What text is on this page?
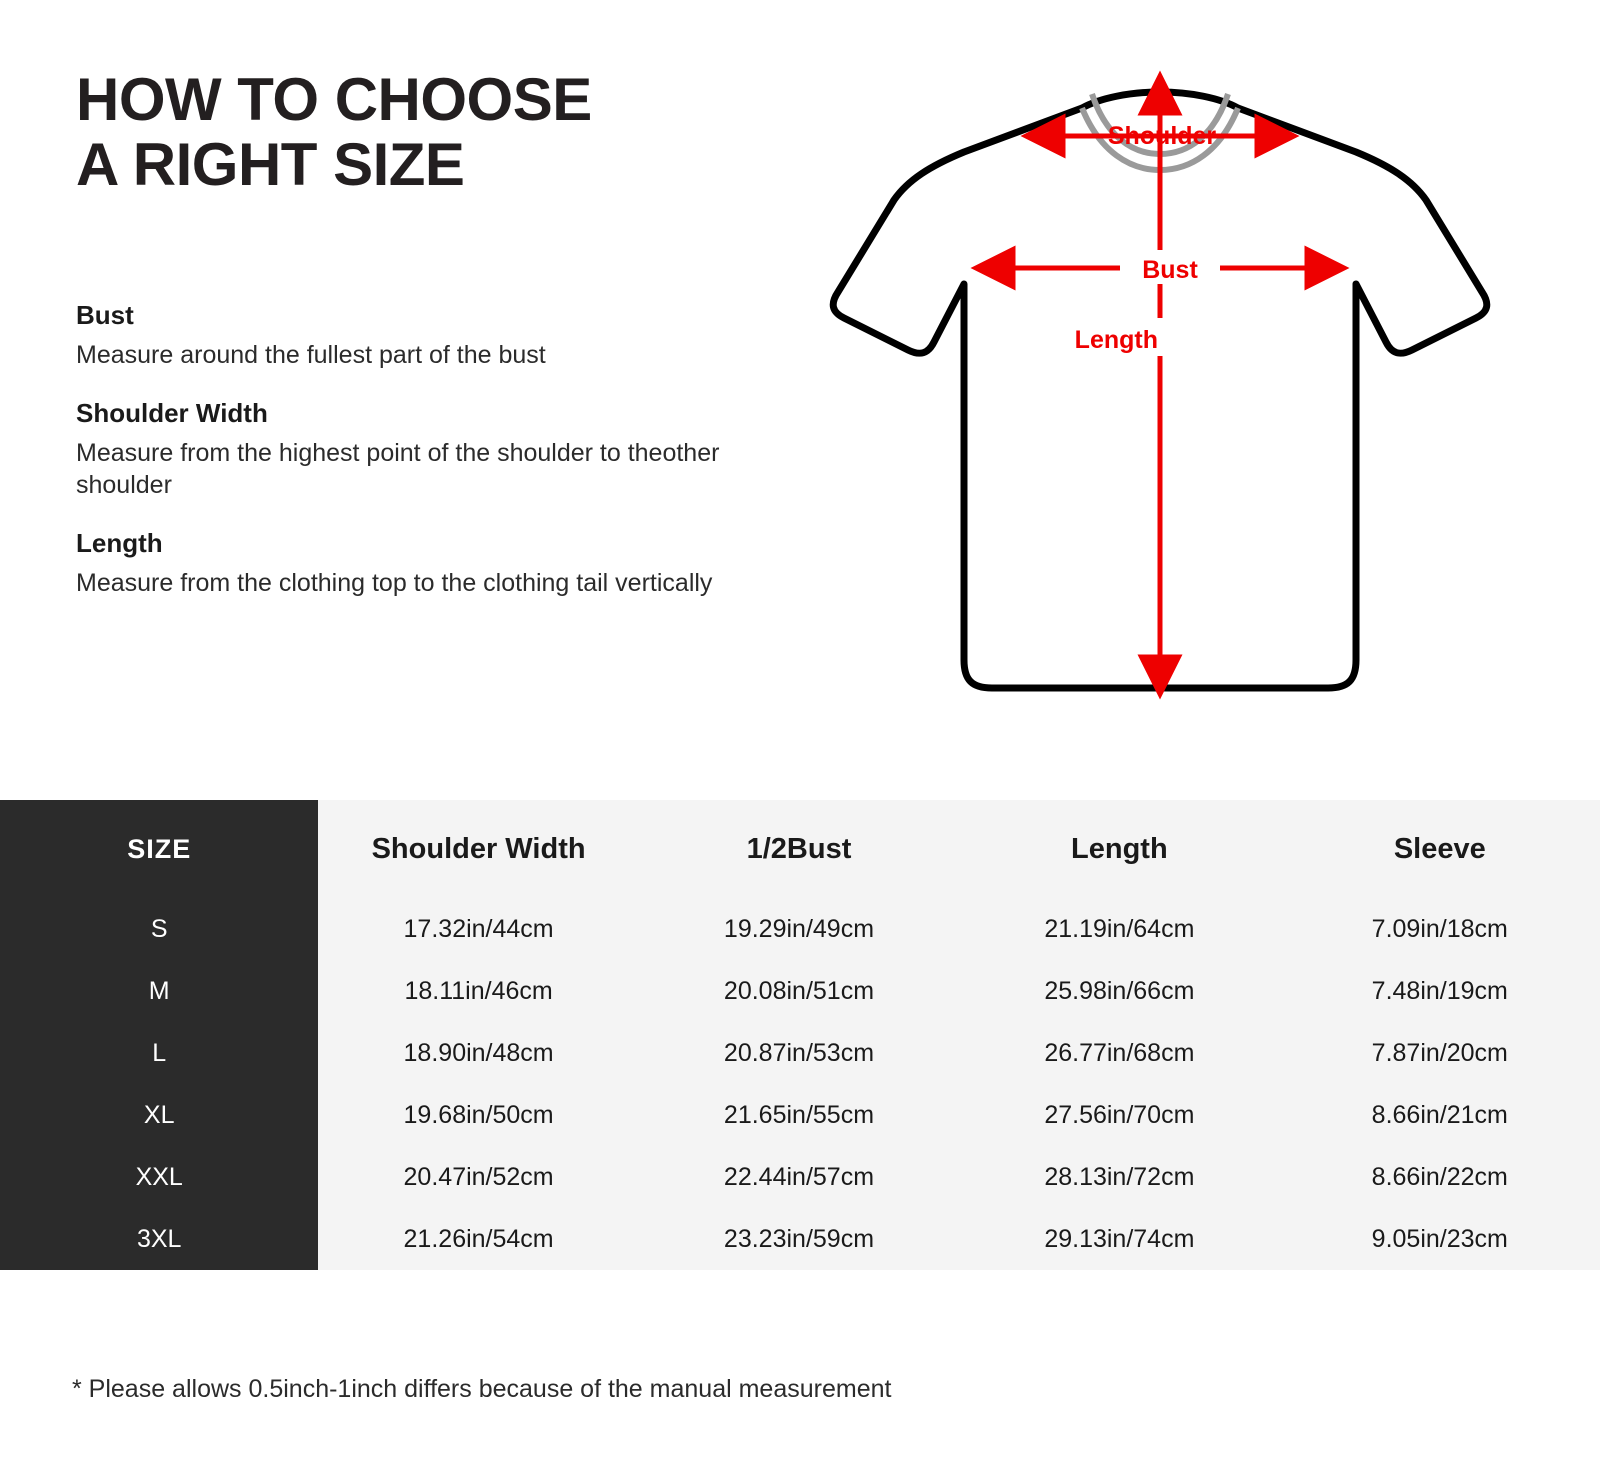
HOW TO CHOOSE
A RIGHT SIZE
Bust
Measure around the fullest part of the bust
Shoulder Width
Measure from the highest point of the shoulder to theother shoulder
Length
Measure from the clothing top to the clothing tail vertically
Shoulder
Bust
Length
SIZE	Shoulder Width	1/2Bust	Length	Sleeve
S	17.32in/44cm	19.29in/49cm	21.19in/64cm	7.09in/18cm
M	18.11in/46cm	20.08in/51cm	25.98in/66cm	7.48in/19cm
L	18.90in/48cm	20.87in/53cm	26.77in/68cm	7.87in/20cm
XL	19.68in/50cm	21.65in/55cm	27.56in/70cm	8.66in/21cm
XXL	20.47in/52cm	22.44in/57cm	28.13in/72cm	8.66in/22cm
3XL	21.26in/54cm	23.23in/59cm	29.13in/74cm	9.05in/23cm
* Please allows 0.5inch-1inch differs because of the manual measurement
